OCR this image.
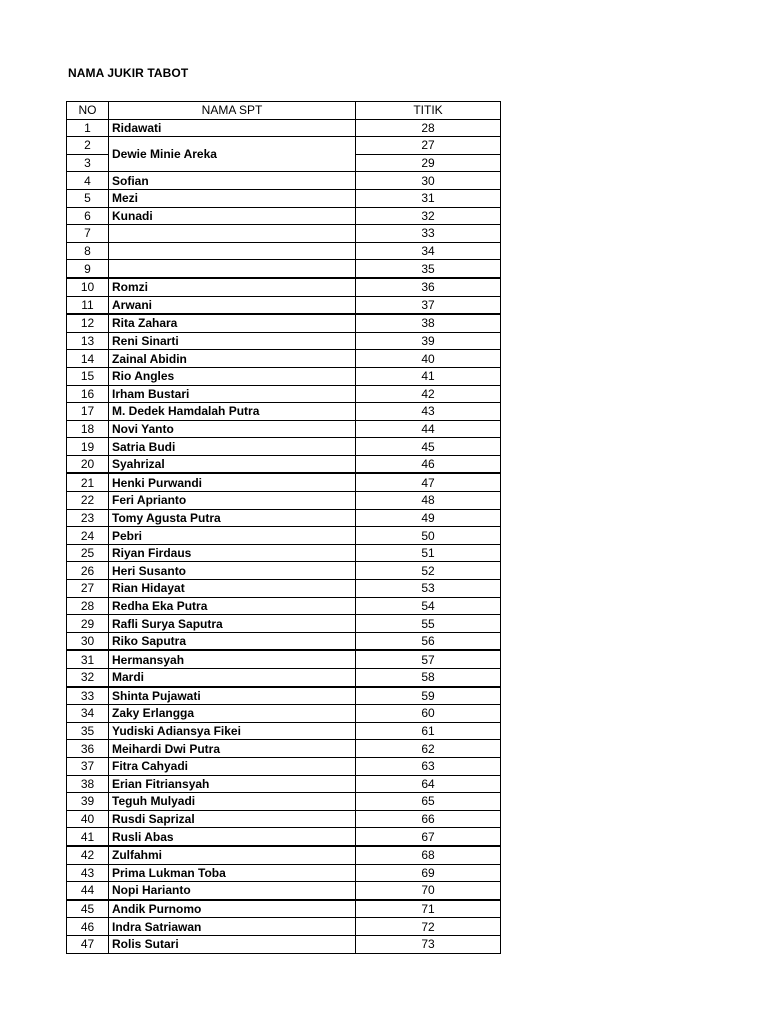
NAMA JUKIR TABOT
NO	NAMA SPT	TITIK
1	Ridawati	28
2	Dewie Minie Areka	27
3		29
4	Sofian	30
5	Mezi	31
6	Kunadi	32
7		33
8		34
9		35
10	Romzi	36
11	Arwani	37
12	Rita Zahara	38
13	Reni Sinarti	39
14	Zainal Abidin	40
15	Rio Angles	41
16	Irham Bustari	42
17	M. Dedek Hamdalah Putra	43
18	Novi Yanto	44
19	Satria Budi	45
20	Syahrizal	46
21	Henki Purwandi	47
22	Feri Aprianto	48
23	Tomy Agusta Putra	49
24	Pebri	50
25	Riyan Firdaus	51
26	Heri Susanto	52
27	Rian Hidayat	53
28	Redha Eka Putra	54
29	Rafli Surya Saputra	55
30	Riko Saputra	56
31	Hermansyah	57
32	Mardi	58
33	Shinta Pujawati	59
34	Zaky Erlangga	60
35	Yudiski Adiansya Fikei	61
36	Meihardi Dwi Putra	62
37	Fitra Cahyadi	63
38	Erian Fitriansyah	64
39	Teguh Mulyadi	65
40	Rusdi Saprizal	66
41	Rusli Abas	67
42	Zulfahmi	68
43	Prima Lukman Toba	69
44	Nopi Harianto	70
45	Andik Purnomo	71
46	Indra Satriawan	72
47	Rolis Sutari	73
